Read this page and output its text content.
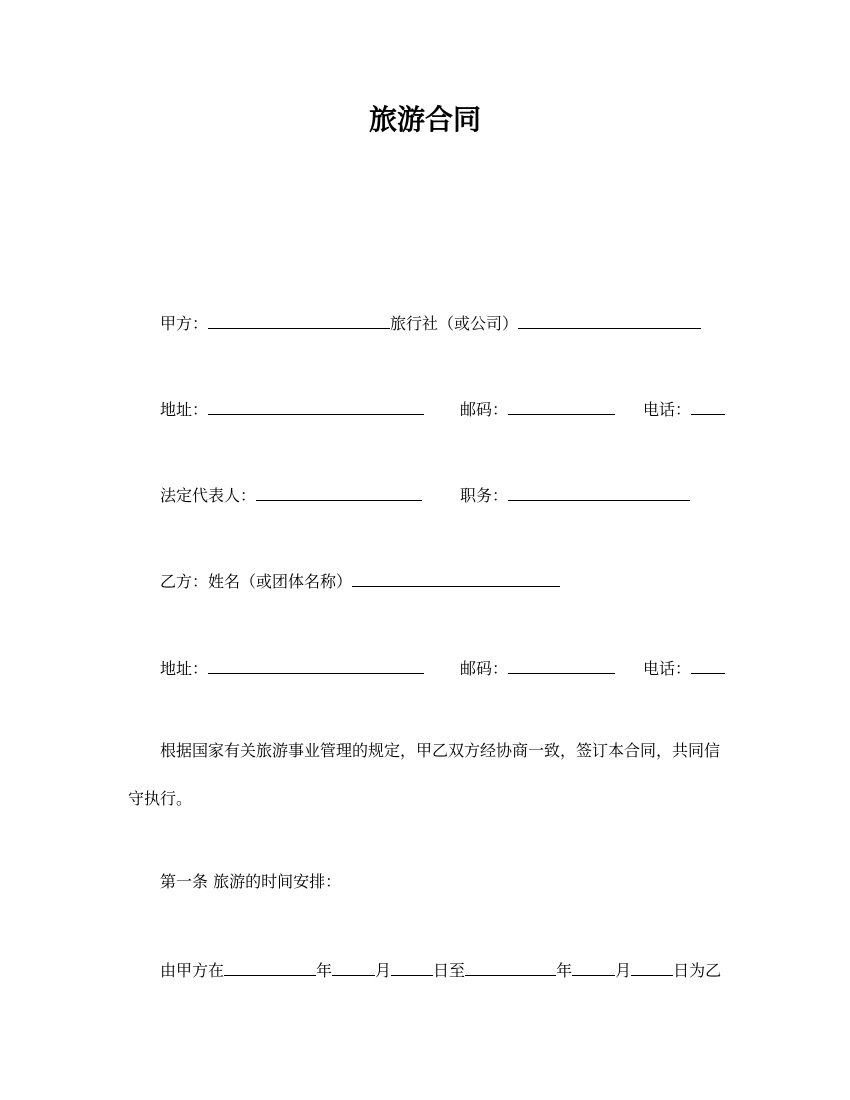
旅游合同
甲方：	旅行社（或公司）
地址：	邮码：	电话：
法定代表人：	职务：
乙方：姓名（或团体名称）
地址：	邮码：	电话：
根据国家有关旅游事业管理的规定，甲乙双方经协商一致，签订本合同，共同信守执行。
第一条 旅游的时间安排：
由甲方在	年	月	日至	年	月	日为乙
